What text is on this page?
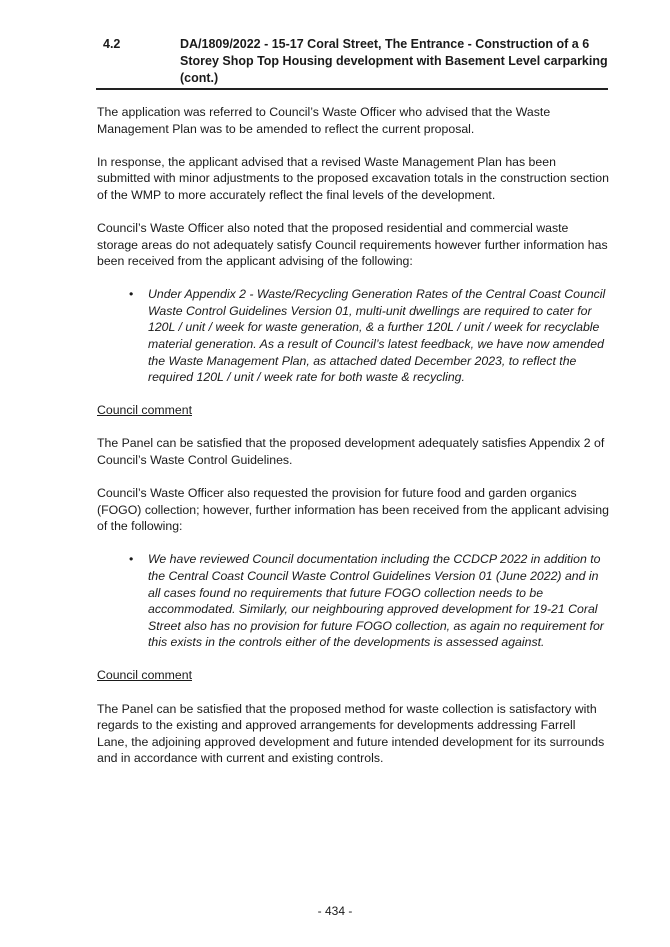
4.2	DA/1809/2022 - 15-17 Coral Street, The Entrance - Construction of a 6 Storey Shop Top Housing development with Basement Level carparking (cont.)

The application was referred to Council’s Waste Officer who advised that the Waste Management Plan was to be amended to reflect the current proposal.

In response, the applicant advised that a revised Waste Management Plan has been submitted with minor adjustments to the proposed excavation totals in the construction section of the WMP to more accurately reflect the final levels of the development.

Council’s Waste Officer also noted that the proposed residential and commercial waste storage areas do not adequately satisfy Council requirements however further information has been received from the applicant advising of the following:

• Under Appendix 2 - Waste/Recycling Generation Rates of the Central Coast Council Waste Control Guidelines Version 01, multi-unit dwellings are required to cater for 120L / unit / week for waste generation, & a further 120L / unit / week for recyclable material generation. As a result of Council’s latest feedback, we have now amended the Waste Management Plan, as attached dated December 2023, to reflect the required 120L / unit / week rate for both waste & recycling.

Council comment

The Panel can be satisfied that the proposed development adequately satisfies Appendix 2 of Council’s Waste Control Guidelines.

Council’s Waste Officer also requested the provision for future food and garden organics (FOGO) collection; however, further information has been received from the applicant advising of the following:

• We have reviewed Council documentation including the CCDCP 2022 in addition to the Central Coast Council Waste Control Guidelines Version 01 (June 2022) and in all cases found no requirements that future FOGO collection needs to be accommodated. Similarly, our neighbouring approved development for 19-21 Coral Street also has no provision for future FOGO collection, as again no requirement for this exists in the controls either of the developments is assessed against.

Council comment

The Panel can be satisfied that the proposed method for waste collection is satisfactory with regards to the existing and approved arrangements for developments addressing Farrell Lane, the adjoining approved development and future intended development for its surrounds and in accordance with current and existing controls.

- 434 -
